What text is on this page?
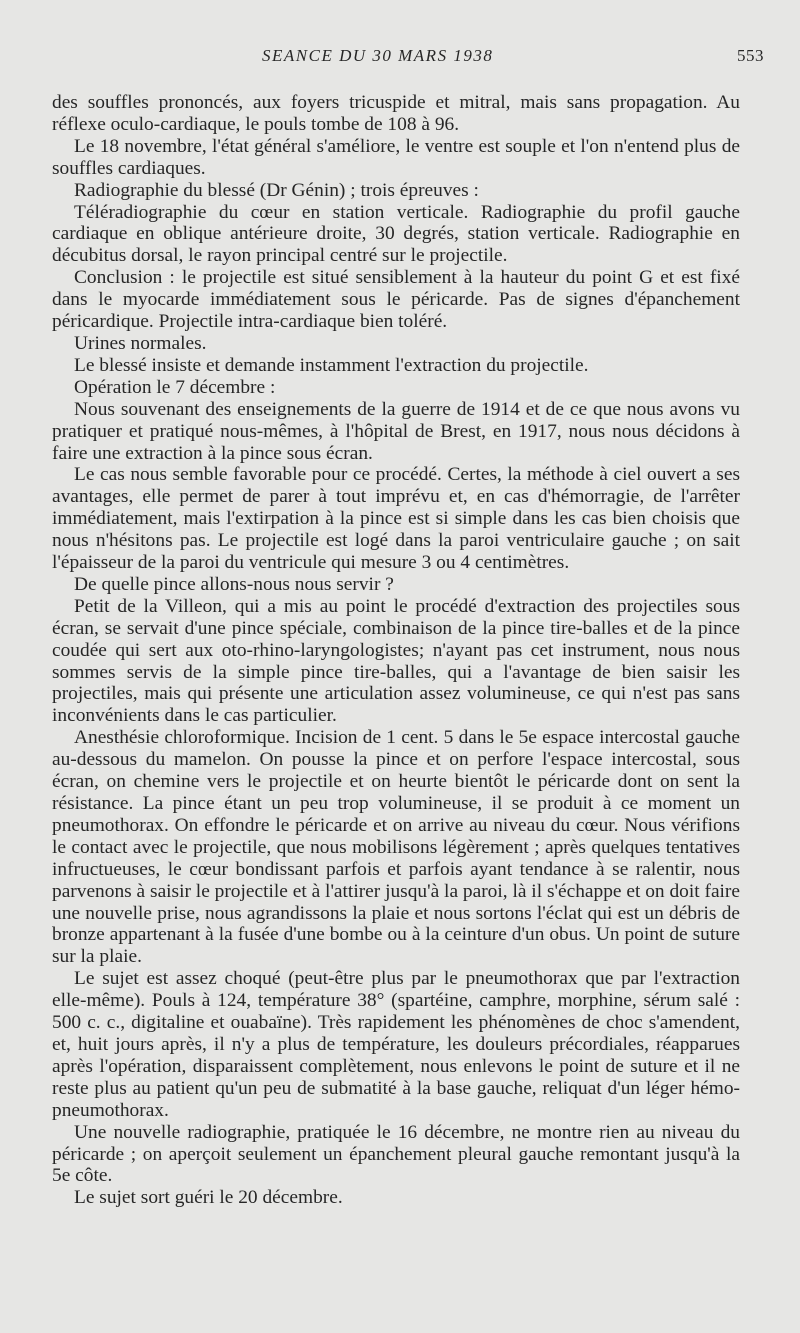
SEANCE DU 30 MARS 1938	553

des souffles prononcés, aux foyers tricuspide et mitral, mais sans propagation. Au réflexe oculo-cardiaque, le pouls tombe de 108 à 96.

Le 18 novembre, l'état général s'améliore, le ventre est souple et l'on n'entend plus de souffles cardiaques.

Radiographie du blessé (Dr Génin) ; trois épreuves :

Téléradiographie du cœur en station verticale. Radiographie du profil gauche cardiaque en oblique antérieure droite, 30 degrés, station verticale. Radiographie en décubitus dorsal, le rayon principal centré sur le projectile.

Conclusion : le projectile est situé sensiblement à la hauteur du point G et est fixé dans le myocarde immédiatement sous le péricarde. Pas de signes d'épanchement péricardique. Projectile intra-cardiaque bien toléré.

Urines normales.

Le blessé insiste et demande instamment l'extraction du projectile.

Opération le 7 décembre :

Nous souvenant des enseignements de la guerre de 1914 et de ce que nous avons vu pratiquer et pratiqué nous-mêmes, à l'hôpital de Brest, en 1917, nous nous décidons à faire une extraction à la pince sous écran.

Le cas nous semble favorable pour ce procédé. Certes, la méthode à ciel ouvert a ses avantages, elle permet de parer à tout imprévu et, en cas d'hémorragie, de l'arrêter immédiatement, mais l'extirpation à la pince est si simple dans les cas bien choisis que nous n'hésitons pas. Le projectile est logé dans la paroi ventriculaire gauche ; on sait l'épaisseur de la paroi du ventricule qui mesure 3 ou 4 centimètres.

De quelle pince allons-nous nous servir ?

Petit de la Villeon, qui a mis au point le procédé d'extraction des projectiles sous écran, se servait d'une pince spéciale, combinaison de la pince tire-balles et de la pince coudée qui sert aux oto-rhino-laryngologistes; n'ayant pas cet instrument, nous nous sommes servis de la simple pince tire-balles, qui a l'avantage de bien saisir les projectiles, mais qui présente une articulation assez volumineuse, ce qui n'est pas sans inconvénients dans le cas particulier.

Anesthésie chloroformique. Incision de 1 cent. 5 dans le 5e espace intercostal gauche au-dessous du mamelon. On pousse la pince et on perfore l'espace intercostal, sous écran, on chemine vers le projectile et on heurte bientôt le péricarde dont on sent la résistance. La pince étant un peu trop volumineuse, il se produit à ce moment un pneumothorax. On effondre le péricarde et on arrive au niveau du cœur. Nous vérifions le contact avec le projectile, que nous mobilisons légèrement ; après quelques tentatives infructueuses, le cœur bondissant parfois et parfois ayant tendance à se ralentir, nous parvenons à saisir le projectile et à l'attirer jusqu'à la paroi, là il s'échappe et on doit faire une nouvelle prise, nous agrandissons la plaie et nous sortons l'éclat qui est un débris de bronze appartenant à la fusée d'une bombe ou à la ceinture d'un obus. Un point de suture sur la plaie.

Le sujet est assez choqué (peut-être plus par le pneumothorax que par l'extraction elle-même). Pouls à 124, température 38° (spartéine, camphre, morphine, sérum salé : 500 c. c., digitaline et ouabaïne). Très rapidement les phénomènes de choc s'amendent, et, huit jours après, il n'y a plus de température, les douleurs précordiales, réapparues après l'opération, disparaissent complètement, nous enlevons le point de suture et il ne reste plus au patient qu'un peu de submatité à la base gauche, reliquat d'un léger hémo-pneumothorax.

Une nouvelle radiographie, pratiquée le 16 décembre, ne montre rien au niveau du péricarde ; on aperçoit seulement un épanchement pleural gauche remontant jusqu'à la 5e côte.

Le sujet sort guéri le 20 décembre.
